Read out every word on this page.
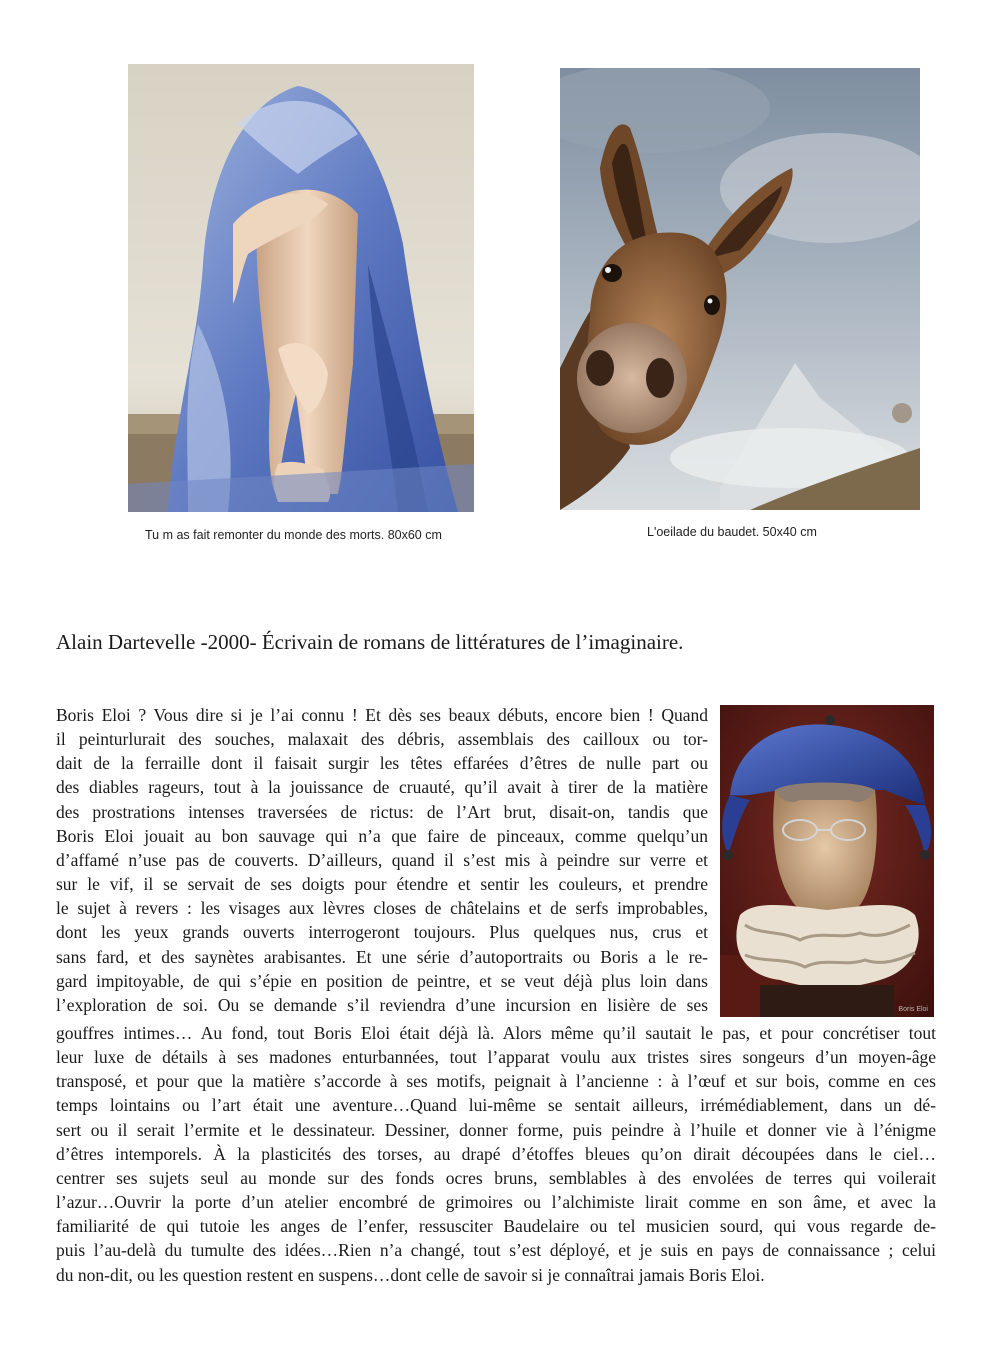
Boris Eloi
Tu m as fait remonter du monde des morts. 80x60 cm	L'oeilade du baudet. 50x40 cm
Alain Dartevelle -2000- Écrivain de romans de littératures de l’imaginaire.
Boris Eloi ? Vous dire si je l’ai connu ! Et dès ses beaux débuts, encore bien ! Quand
il peinturlurait des souches, malaxait des débris, assemblais des cailloux ou tor-
dait de la ferraille dont il faisait surgir les têtes effarées d’êtres de nulle part ou
des diables rageurs, tout à la jouissance de cruauté, qu’il avait à tirer de la matière
des prostrations intenses traversées de rictus: de l’Art brut, disait-on, tandis que
Boris Eloi jouait au bon sauvage qui n’a que faire de pinceaux, comme quelqu’un
d’affamé n’use pas de couverts. D’ailleurs, quand il s’est mis à peindre sur verre et
sur le vif, il se servait de ses doigts pour étendre et sentir les couleurs, et prendre
le sujet à revers : les visages aux lèvres closes de châtelains et de serfs improbables,
dont les yeux grands ouverts interrogeront toujours. Plus quelques nus, crus et
sans fard, et des saynètes arabisantes. Et une série d’autoportraits ou Boris a le re-
gard impitoyable, de qui s’épie en position de peintre, et se veut déjà plus loin dans
l’exploration de soi. Ou se demande s’il reviendra d’une incursion en lisière de ses
gouffres intimes… Au fond, tout Boris Eloi était déjà là. Alors même qu’il sautait le pas, et pour concrétiser tout
leur luxe de détails à ses madones enturbannées, tout l’apparat voulu aux tristes sires songeurs d’un moyen-âge
transposé, et pour que la matière s’accorde à ses motifs, peignait à l’ancienne : à l’œuf et sur bois, comme en ces
temps lointains ou l’art était une aventure…Quand lui-même se sentait ailleurs, irrémédiablement, dans un dé-
sert ou il serait l’ermite et le dessinateur. Dessiner, donner forme, puis peindre à l’huile et donner vie à l’énigme
d’êtres intemporels. À la plasticités des torses, au drapé d’étoffes bleues qu’on dirait découpées dans le ciel…
centrer ses sujets seul au monde sur des fonds ocres bruns, semblables à des envolées de terres qui voilerait
l’azur…Ouvrir la porte d’un atelier encombré de grimoires ou l’alchimiste lirait comme en son âme, et avec la
familiarité de qui tutoie les anges de l’enfer, ressusciter Baudelaire ou tel musicien sourd, qui vous regarde de-
puis l’au-delà du tumulte des idées…Rien n’a changé, tout s’est déployé, et je suis en pays de connaissance ; celui
du non-dit, ou les question restent en suspens…dont celle de savoir si je connaîtrai jamais Boris Eloi.
